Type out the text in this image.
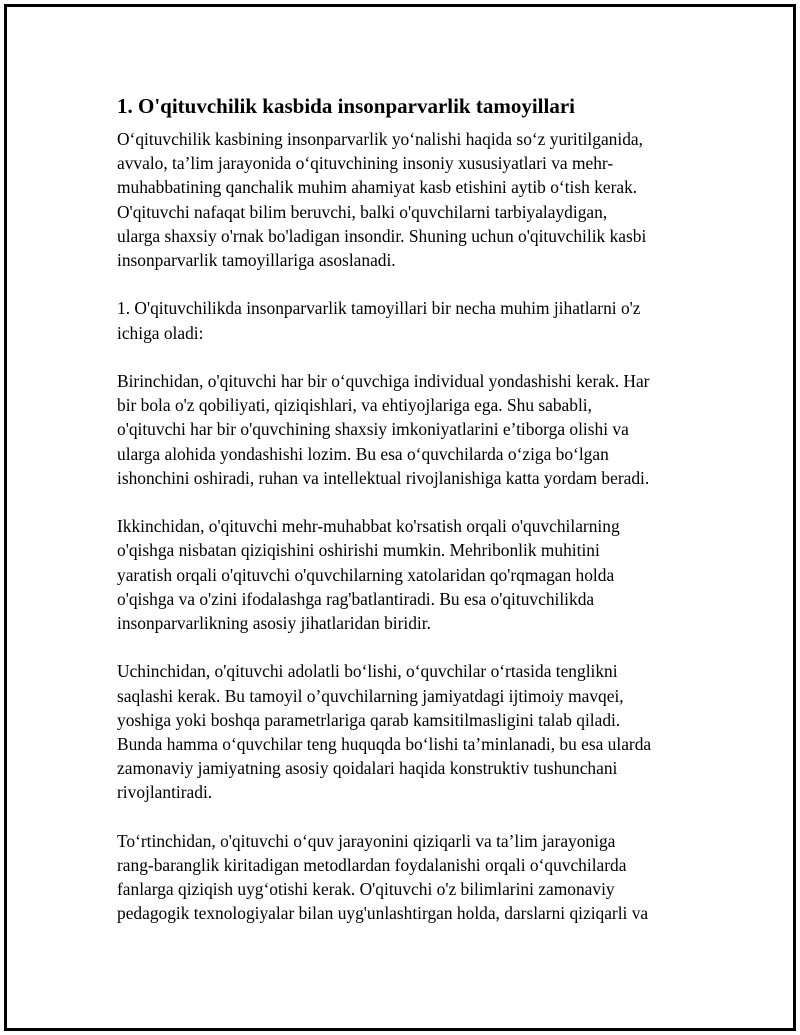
1. O'qituvchilik kasbida insonparvarlik tamoyillari

O‘qituvchilik kasbining insonparvarlik yo‘nalishi haqida so‘z yuritilganida,
avvalo, ta’lim jarayonida o‘qituvchining insoniy xususiyatlari va mehr-
muhabbatining qanchalik muhim ahamiyat kasb etishini aytib o‘tish kerak.
O'qituvchi nafaqat bilim beruvchi, balki o'quvchilarni tarbiyalaydigan,
ularga shaxsiy o'rnak bo'ladigan insondir. Shuning uchun o'qituvchilik kasbi
insonparvarlik tamoyillariga asoslanadi.

1. O'qituvchilikda insonparvarlik tamoyillari bir necha muhim jihatlarni o'z
ichiga oladi:

Birinchidan, o'qituvchi har bir o‘quvchiga individual yondashishi kerak. Har
bir bola o'z qobiliyati, qiziqishlari, va ehtiyojlariga ega. Shu sababli,
o'qituvchi har bir o'quvchining shaxsiy imkoniyatlarini e’tiborga olishi va
ularga alohida yondashishi lozim. Bu esa o‘quvchilarda o‘ziga bo‘lgan
ishonchini oshiradi, ruhan va intellektual rivojlanishiga katta yordam beradi.

Ikkinchidan, o'qituvchi mehr-muhabbat ko'rsatish orqali o'quvchilarning
o'qishga nisbatan qiziqishini oshirishi mumkin. Mehribonlik muhitini
yaratish orqali o'qituvchi o'quvchilarning xatolaridan qo'rqmagan holda
o'qishga va o'zini ifodalashga rag'batlantiradi. Bu esa o'qituvchilikda
insonparvarlikning asosiy jihatlaridan biridir.

Uchinchidan, o'qituvchi adolatli bo‘lishi, o‘quvchilar o‘rtasida tenglikni
saqlashi kerak. Bu tamoyil o’quvchilarning jamiyatdagi ijtimoiy mavqei,
yoshiga yoki boshqa parametrlariga qarab kamsitilmasligini talab qiladi.
Bunda hamma o‘quvchilar teng huquqda bo‘lishi ta’minlanadi, bu esa ularda
zamonaviy jamiyatning asosiy qoidalari haqida konstruktiv tushunchani
rivojlantiradi.

To‘rtinchidan, o'qituvchi o‘quv jarayonini qiziqarli va ta’lim jarayoniga
rang-baranglik kiritadigan metodlardan foydalanishi orqali o‘quvchilarda
fanlarga qiziqish uyg‘otishi kerak. O'qituvchi o'z bilimlarini zamonaviy
pedagogik texnologiyalar bilan uyg'unlashtirgan holda, darslarni qiziqarli va
